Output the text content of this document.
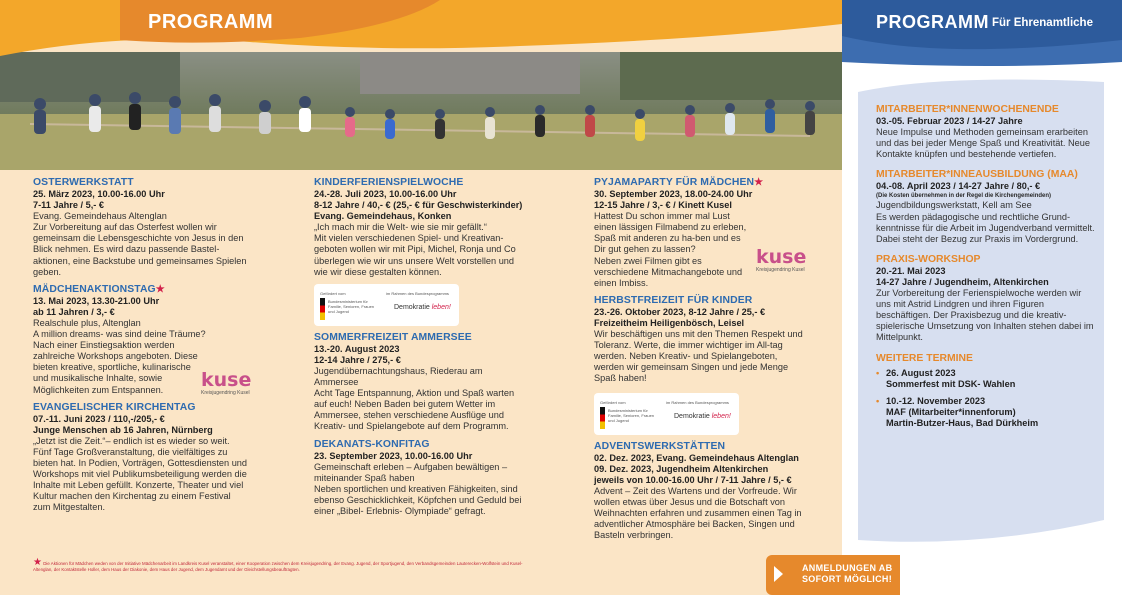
PROGRAMM
OSTERWERKSTATT
25. März 2023, 10.00-16.00 Uhr
7-11 Jahre / 5,- €
Evang. Gemeindehaus Altenglan
Zur Vorbereitung auf das Osterfest wollen wir gemeinsam die Lebensgeschichte von Jesus in den Blick nehmen. Es wird dazu passende Bastel-aktionen, eine Backstube und gemeinsames Spielen geben.
MÄDCHENAKTIONSTAG★
13. Mai 2023, 13.30-21.00 Uhr
ab 11 Jahren / 3,- €
Realschule plus, Altenglan
A million dreams- was sind deine Träume?
Nach einer Einstiegsaktion werden zahlreiche Workshops angeboten. Diese bieten kreative, sportliche, kulinarische und musikalische Inhalte, sowie Möglichkeiten zum Entspannen.	kuse
Kreisjugendring Kusel
EVANGELISCHER KIRCHENTAG
07.-11. Juni 2023 / 110,-/205,- €
Junge Menschen ab 16 Jahren, Nürnberg
„Jetzt ist die Zeit.“– endlich ist es wieder so weit. Fünf Tage Großveranstaltung, die vielfältiges zu bieten hat. In Podien, Vorträgen, Gottesdiensten und Workshops mit viel Publikumsbeteiligung werden die Inhalte mit Leben gefüllt. Konzerte, Theater und viel Kultur machen den Kirchentag zu einem Festival zum Mitgestalten.
KINDERFERIENSPIELWOCHE
24.-28. Juli 2023, 10.00-16.00 Uhr
8-12 Jahre / 40,- € (25,- € für Geschwisterkinder)
Evang. Gemeindehaus, Konken
„Ich mach mir die Welt- wie sie mir gefällt.“
Mit vielen verschiedenen Spiel- und Kreativan-geboten wollen wir mit Pipi, Michel, Ronja und Co überlegen wie wir uns unsere Welt vorstellen und wie wir diese gestalten können.
Gefördert vom	im Rahmen des Bundesprogramms
Bundesministerium für Familie, Senioren, Frauen und Jugend
Demokratie leben!
SOMMERFREIZEIT AMMERSEE
13.-20. August 2023
12-14 Jahre / 275,- €
Jugendübernachtungshaus, Riederau am Ammersee
Acht Tage Entspannung, Aktion und Spaß warten auf euch! Neben Baden bei gutem Wetter im Ammersee, stehen verschiedene Ausflüge und Kreativ- und Spielangebote auf dem Programm.
DEKANATS-KONFITAG
23. September 2023, 10.00-16.00 Uhr
Gemeinschaft erleben – Aufgaben bewältigen – miteinander Spaß haben
Neben sportlichen und kreativen Fähigkeiten, sind ebenso Geschicklichkeit, Köpfchen und Geduld bei einer „Bibel- Erlebnis- Olympiade“ gefragt.
PYJAMAPARTY FÜR MÄDCHEN★
30. September 2023, 18.00-24.00 Uhr
12-15 Jahre / 3,- € / Kinett Kusel
Hattest Du schon immer mal Lust einen lässigen Filmabend zu erleben, Spaß mit anderen zu ha-ben und es Dir gut gehen zu lassen?
Neben zwei Filmen gibt es verschiedene Mitmachangebote und einen Imbiss.
kuse
Kreisjugendring Kusel
HERBSTFREIZEIT FÜR KINDER
23.-26. Oktober 2023, 8-12 Jahre / 25,- €
Freizeitheim Heiligenbösch, Leisel
Wir beschäftigen uns mit den Themen Respekt und Toleranz. Werte, die immer wichtiger im All-tag werden. Neben Kreativ- und Spielangeboten, werden wir gemeinsam Singen und jede Menge Spaß haben!
Gefördert vom	im Rahmen des Bundesprogramms
Bundesministerium für Familie, Senioren, Frauen und Jugend
Demokratie leben!
ADVENTSWERKSTÄTTEN
02. Dez. 2023, Evang. Gemeindehaus Altenglan
09. Dez. 2023, Jugendheim Altenkirchen
jeweils von 10.00-16.00 Uhr / 7-11 Jahre / 5,- €
Advent – Zeit des Wartens und der Vorfreude. Wir wollen etwas über Jesus und die Botschaft von Weihnachten erfahren und zusammen einen Tag in adventlicher Atmosphäre bei Backen, Singen und Basteln verbringen.
★ Die Aktionen für Mädchen weden von der Initiative Mädchenarbeit im Landkreis Kusel veranstaltet, einer Kooperation zwischen dem Kreisjugendring, der Evang. Jugend, der Sportjugend, den Verbandsgemeinden Lauterecken-Wolfstein und Kusel-Altenglan, der Kontaktstelle Holler, dem Haus der Diakonie, dem Haus der Jugend, dem Jugendamt und der Gleichstellungsbeauftragten.
PROGRAMM Für Ehrenamtliche
MITARBEITER*INNENWOCHENENDE
03.-05. Februar 2023 / 14-27 Jahre
Neue Impulse und Methoden gemeinsam erarbeiten und das bei jeder Menge Spaß und Kreativität. Neue Kontakte knüpfen und bestehende vertiefen.
MITARBEITER*INNEAUSBILDUNG (MAA)
04.-08. April 2023 / 14-27 Jahre / 80,- €
(Die Kosten übernehmen in der Regel die Kirchengemeinden)
Jugendbildungswerkstatt, Kell am See
Es werden pädagogische und rechtliche Grund-kenntnisse für die Arbeit im Jugendverband vermittelt. Dabei steht der Bezug zur Praxis im Vordergrund.
PRAXIS-WORKSHOP
20.-21. Mai 2023
14-27 Jahre / Jugendheim, Altenkirchen
Zur Vorbereitung der Ferienspielwoche werden wir uns mit Astrid Lindgren und ihren Figuren beschäftigen. Der Praxisbezug und die kreativ-spielerische Umsetzung von Inhalten stehen dabei im Mittelpunkt.
WEITERE TERMINE
• 26. August 2023
Sommerfest mit DSK- Wahlen
• 10.-12. November 2023
MAF (Mitarbeiter*innenforum)
Martin-Butzer-Haus, Bad Dürkheim
ANMELDUNGEN AB
SOFORT MÖGLICH!
